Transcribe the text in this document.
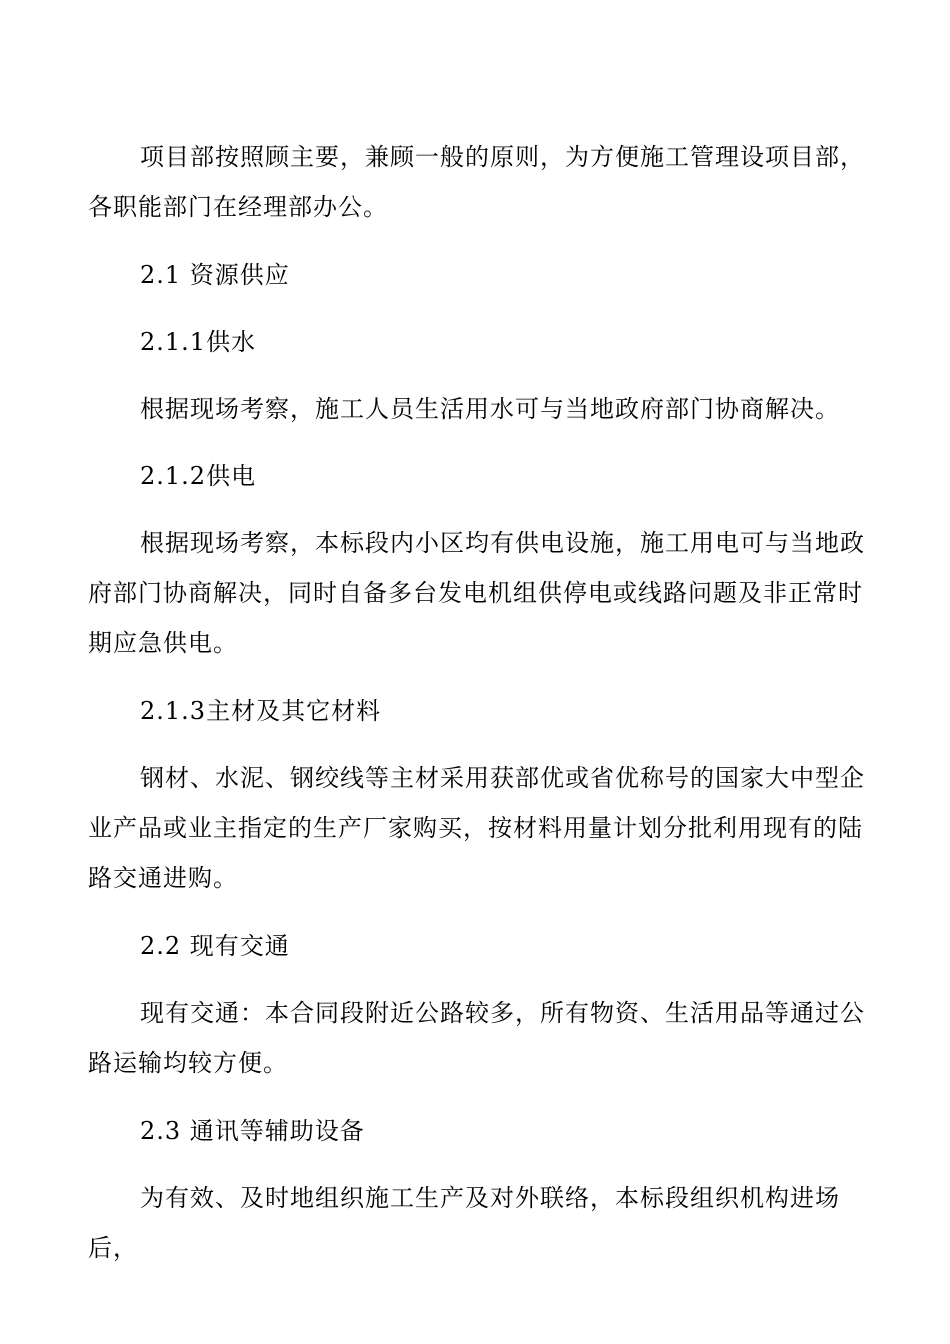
项目部按照顾主要，兼顾一般的原则，为方便施工管理设项目部，各职能部门在经理部办公。

2.1 资源供应

2.1.1供水

根据现场考察，施工人员生活用水可与当地政府部门协商解决。

2.1.2供电

根据现场考察，本标段内小区均有供电设施，施工用电可与当地政府部门协商解决，同时自备多台发电机组供停电或线路问题及非正常时期应急供电。

2.1.3主材及其它材料

钢材、水泥、钢绞线等主材采用获部优或省优称号的国家大中型企业产品或业主指定的生产厂家购买，按材料用量计划分批利用现有的陆路交通进购。

2.2 现有交通

现有交通：本合同段附近公路较多，所有物资、生活用品等通过公路运输均较方便。

2.3 通讯等辅助设备

为有效、及时地组织施工生产及对外联络，本标段组织机构进场后，
